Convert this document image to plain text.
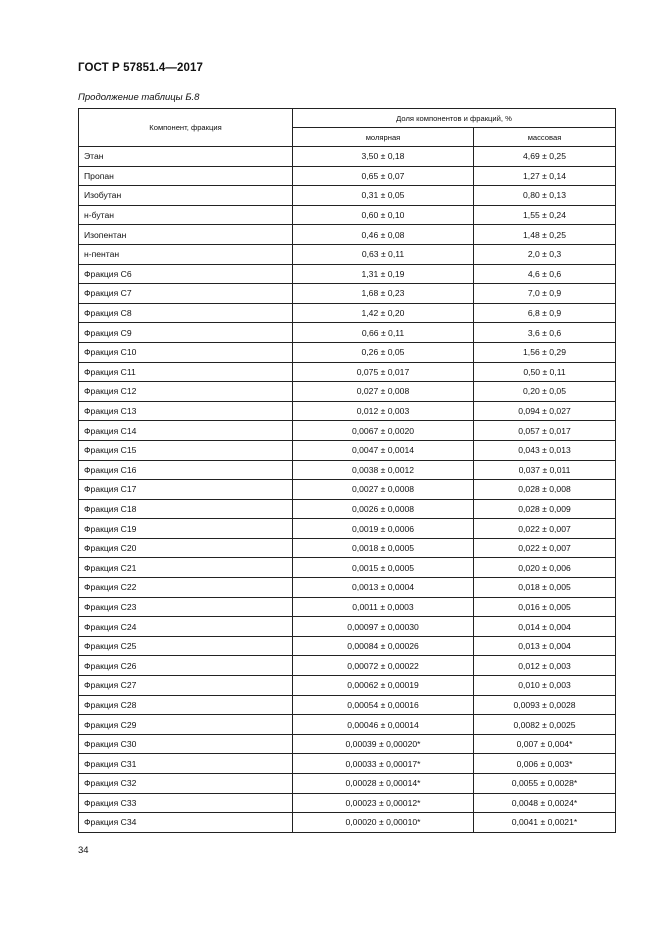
ГОСТ Р 57851.4—2017
Продолжение таблицы Б.8
Компонент, фракция	Доля компонентов и фракций, %	
	молярная	массовая
Этан	3,50 ± 0,18	4,69 ± 0,25
Пропан	0,65 ± 0,07	1,27 ± 0,14
Изобутан	0,31 ± 0,05	0,80 ± 0,13
н-бутан	0,60 ± 0,10	1,55 ± 0,24
Изопентан	0,46 ± 0,08	1,48 ± 0,25
н-пентан	0,63 ± 0,11	2,0 ± 0,3
Фракция С6	1,31 ± 0,19	4,6 ± 0,6
Фракция С7	1,68 ± 0,23	7,0 ± 0,9
Фракция С8	1,42 ± 0,20	6,8 ± 0,9
Фракция С9	0,66 ± 0,11	3,6 ± 0,6
Фракция С10	0,26 ± 0,05	1,56 ± 0,29
Фракция С11	0,075 ± 0,017	0,50 ± 0,11
Фракция С12	0,027 ± 0,008	0,20 ± 0,05
Фракция С13	0,012 ± 0,003	0,094 ± 0,027
Фракция С14	0,0067 ± 0,0020	0,057 ± 0,017
Фракция С15	0,0047 ± 0,0014	0,043 ± 0,013
Фракция С16	0,0038 ± 0,0012	0,037 ± 0,011
Фракция С17	0,0027 ± 0,0008	0,028 ± 0,008
Фракция С18	0,0026 ± 0,0008	0,028 ± 0,009
Фракция С19	0,0019 ± 0,0006	0,022 ± 0,007
Фракция С20	0,0018 ± 0,0005	0,022 ± 0,007
Фракция С21	0,0015 ± 0,0005	0,020 ± 0,006
Фракция С22	0,0013 ± 0,0004	0,018 ± 0,005
Фракция С23	0,0011 ± 0,0003	0,016 ± 0,005
Фракция С24	0,00097 ± 0,00030	0,014 ± 0,004
Фракция С25	0,00084 ± 0,00026	0,013 ± 0,004
Фракция С26	0,00072 ± 0,00022	0,012 ± 0,003
Фракция С27	0,00062 ± 0,00019	0,010 ± 0,003
Фракция С28	0,00054 ± 0,00016	0,0093 ± 0,0028
Фракция С29	0,00046 ± 0,00014	0,0082 ± 0,0025
Фракция С30	0,00039 ± 0,00020*	0,007 ± 0,004*
Фракция С31	0,00033 ± 0,00017*	0,006 ± 0,003*
Фракция С32	0,00028 ± 0,00014*	0,0055 ± 0,0028*
Фракция С33	0,00023 ± 0,00012*	0,0048 ± 0,0024*
Фракция С34	0,00020 ± 0,00010*	0,0041 ± 0,0021*
34
